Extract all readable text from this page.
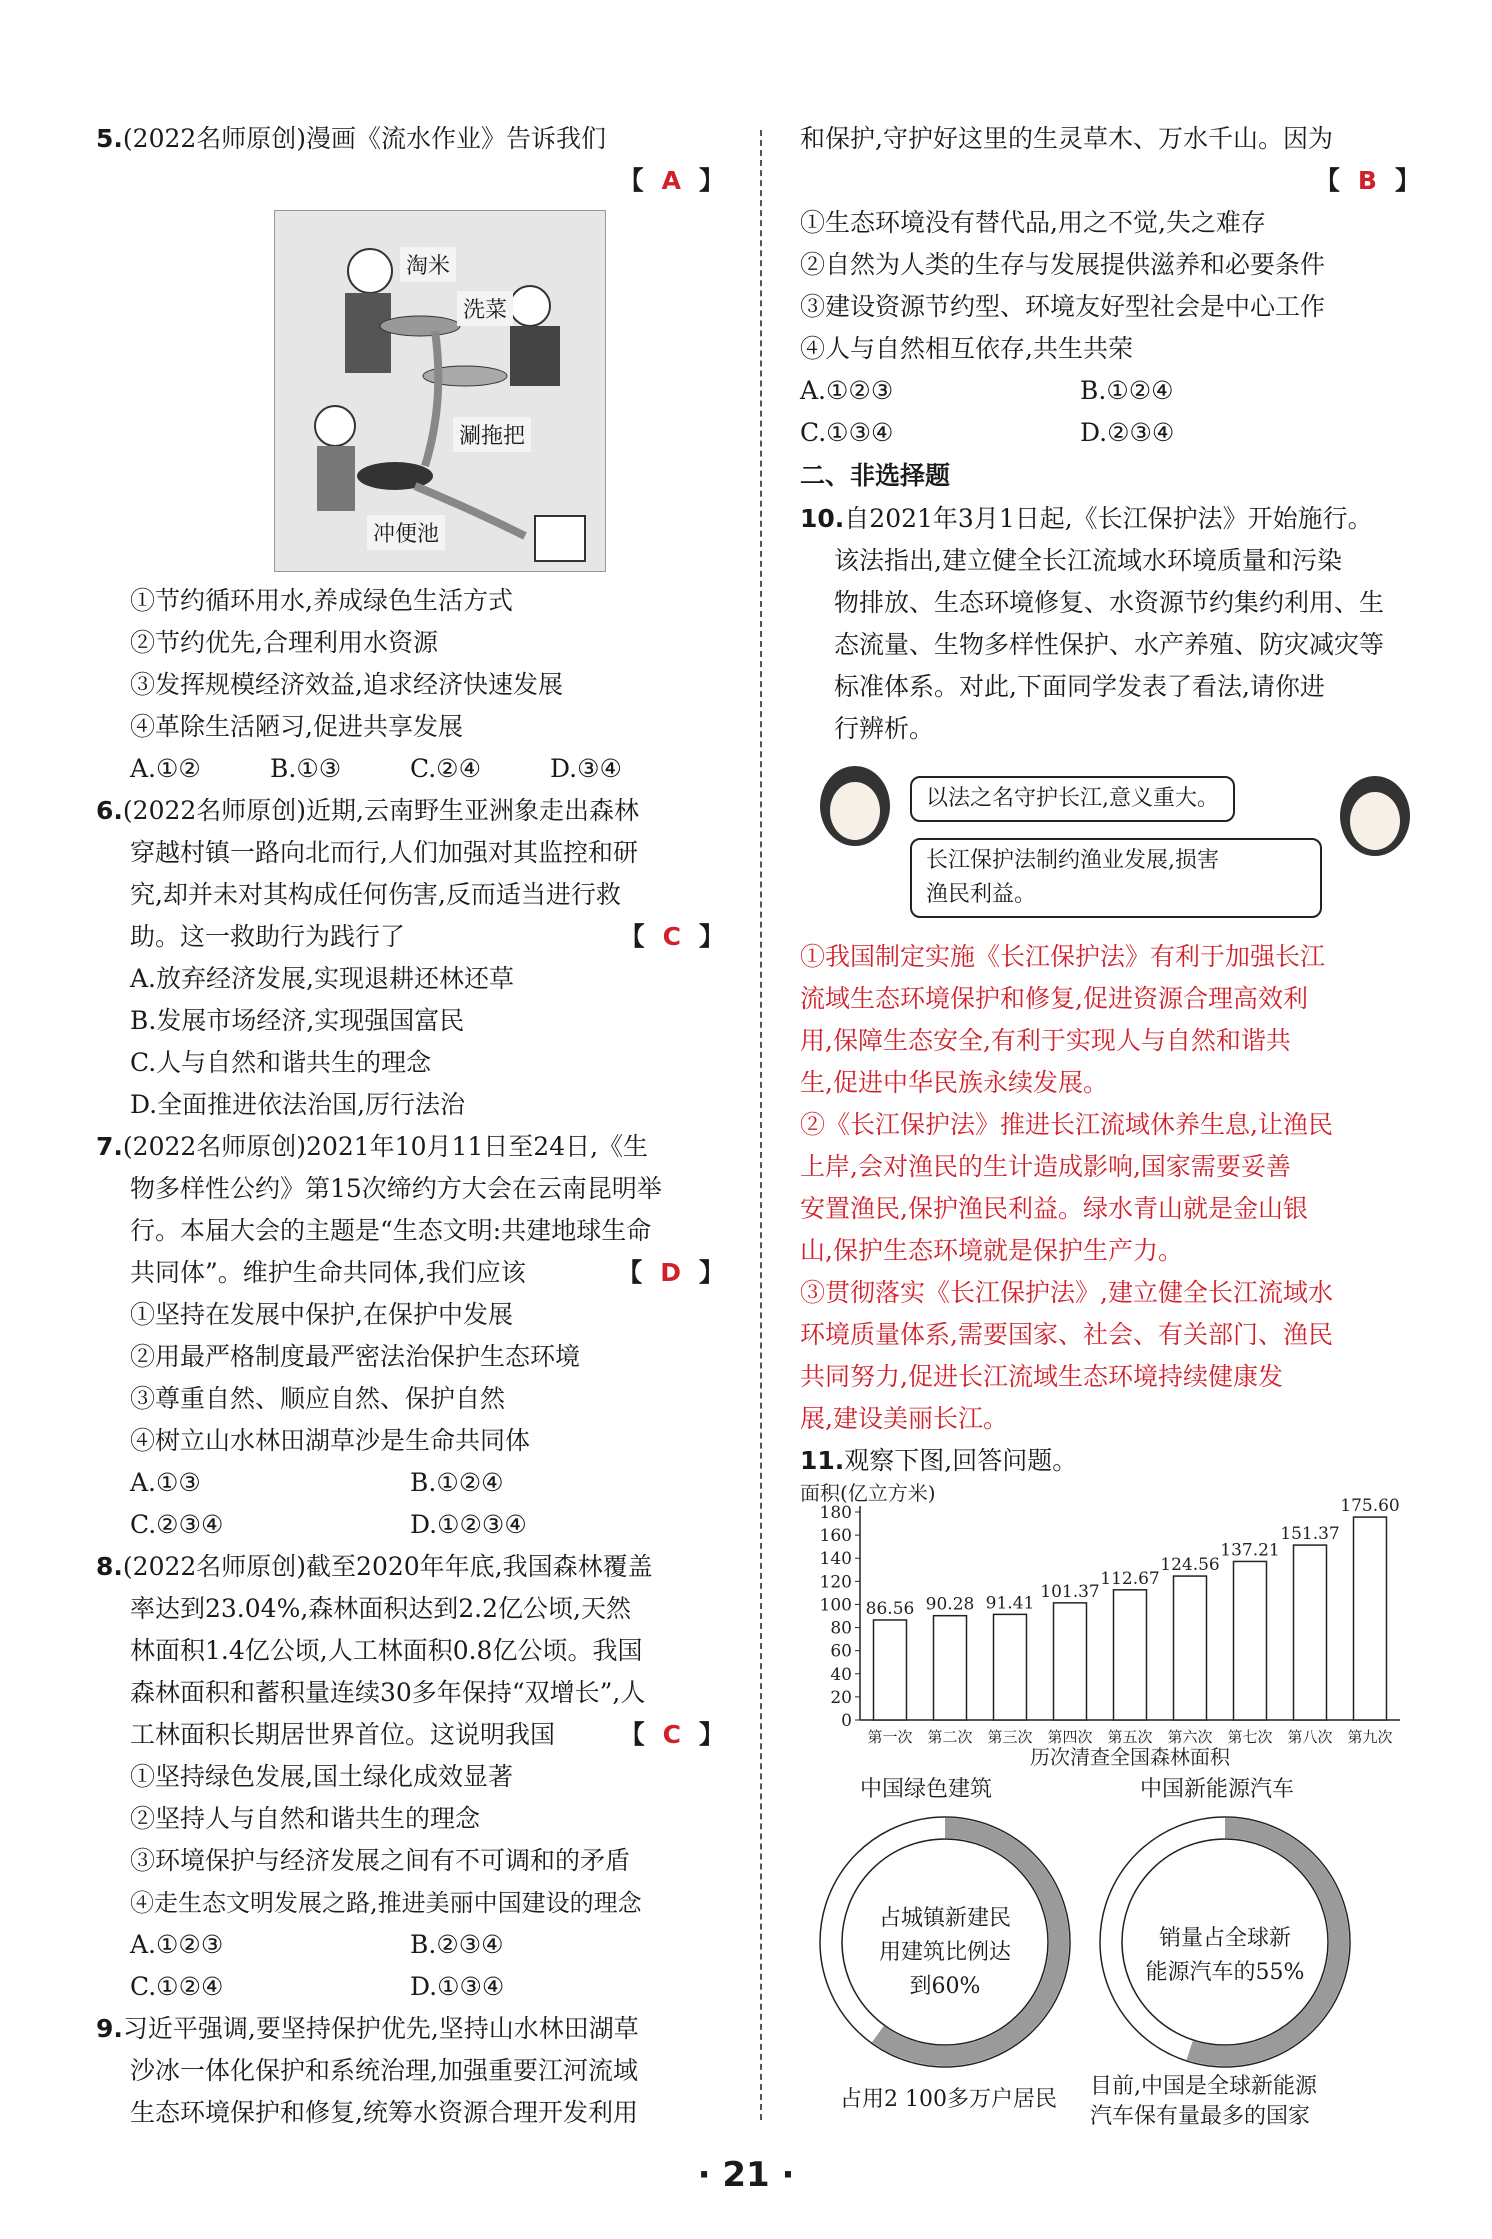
5.(2022名师原创)漫画《流水作业》告诉我们
【 A 】
淘米
洗菜
涮拖把
冲便池
①节约循环用水,养成绿色生活方式
②节约优先,合理利用水资源
③发挥规模经济效益,追求经济快速发展
④革除生活陋习,促进共享发展
A.①②	B.①③	C.②④	D.③④
6.(2022名师原创)近期,云南野生亚洲象走出森林
穿越村镇一路向北而行,人们加强对其监控和研
究,却并未对其构成任何伤害,反而适当进行救
助。这一救助行为践行了	【 C 】
A.放弃经济发展,实现退耕还林还草
B.发展市场经济,实现强国富民
C.人与自然和谐共生的理念
D.全面推进依法治国,厉行法治
7.(2022名师原创)2021年10月11日至24日,《生
物多样性公约》第15次缔约方大会在云南昆明举
行。本届大会的主题是“生态文明:共建地球生命
共同体”。维护生命共同体,我们应该	【 D 】
①坚持在发展中保护,在保护中发展
②用最严格制度最严密法治保护生态环境
③尊重自然、顺应自然、保护自然
④树立山水林田湖草沙是生命共同体
A.①③	B.①②④
C.②③④	D.①②③④
8.(2022名师原创)截至2020年年底,我国森林覆盖
率达到23.04%,森林面积达到2.2亿公顷,天然
林面积1.4亿公顷,人工林面积0.8亿公顷。我国
森林面积和蓄积量连续30多年保持“双增长”,人
工林面积长期居世界首位。这说明我国	【 C 】
①坚持绿色发展,国土绿化成效显著
②坚持人与自然和谐共生的理念
③环境保护与经济发展之间有不可调和的矛盾
④走生态文明发展之路,推进美丽中国建设的理念
A.①②③	B.②③④
C.①②④	D.①③④
9.习近平强调,要坚持保护优先,坚持山水林田湖草
沙冰一体化保护和系统治理,加强重要江河流域
生态环境保护和修复,统筹水资源合理开发利用
和保护,守护好这里的生灵草木、万水千山。因为
【 B 】
①生态环境没有替代品,用之不觉,失之难存
②自然为人类的生存与发展提供滋养和必要条件
③建设资源节约型、环境友好型社会是中心工作
④人与自然相互依存,共生共荣
A.①②③	B.①②④
C.①③④	D.②③④
二、非选择题
10.自2021年3月1日起,《长江保护法》开始施行。
该法指出,建立健全长江流域水环境质量和污染
物排放、生态环境修复、水资源节约集约利用、生
态流量、生物多样性保护、水产养殖、防灾减灾等
标准体系。对此,下面同学发表了看法,请你进
行辨析。
以法之名守护长江,意义重大。
长江保护法制约渔业发展,损害
渔民利益。
①我国制定实施《长江保护法》有利于加强长江
流域生态环境保护和修复,促进资源合理高效利
用,保障生态安全,有利于实现人与自然和谐共
生,促进中华民族永续发展。
②《长江保护法》推进长江流域休养生息,让渔民
上岸,会对渔民的生计造成影响,国家需要妥善
安置渔民,保护渔民利益。绿水青山就是金山银
山,保护生态环境就是保护生产力。
③贯彻落实《长江保护法》,建立健全长江流域水
环境质量体系,需要国家、社会、有关部门、渔民
共同努力,促进长江流域生态环境持续健康发
展,建设美丽长江。
11.观察下图,回答问题。
面积(亿立方米)
0
20
40
60
80
100
120
140
160
180
86.56
第一次
90.28
第二次
91.41
第三次
101.37
第四次
112.67
第五次
124.56
第六次
137.21
第七次
151.37
第八次
175.60
第九次
历次清查全国森林面积
中国绿色建筑	中国新能源汽车
占城镇新建民
用建筑比例达
到60%
销量占全球新
能源汽车的55%
占用2 100多万户居民
目前,中国是全球新能源
汽车保有量最多的国家
· 21 ·
